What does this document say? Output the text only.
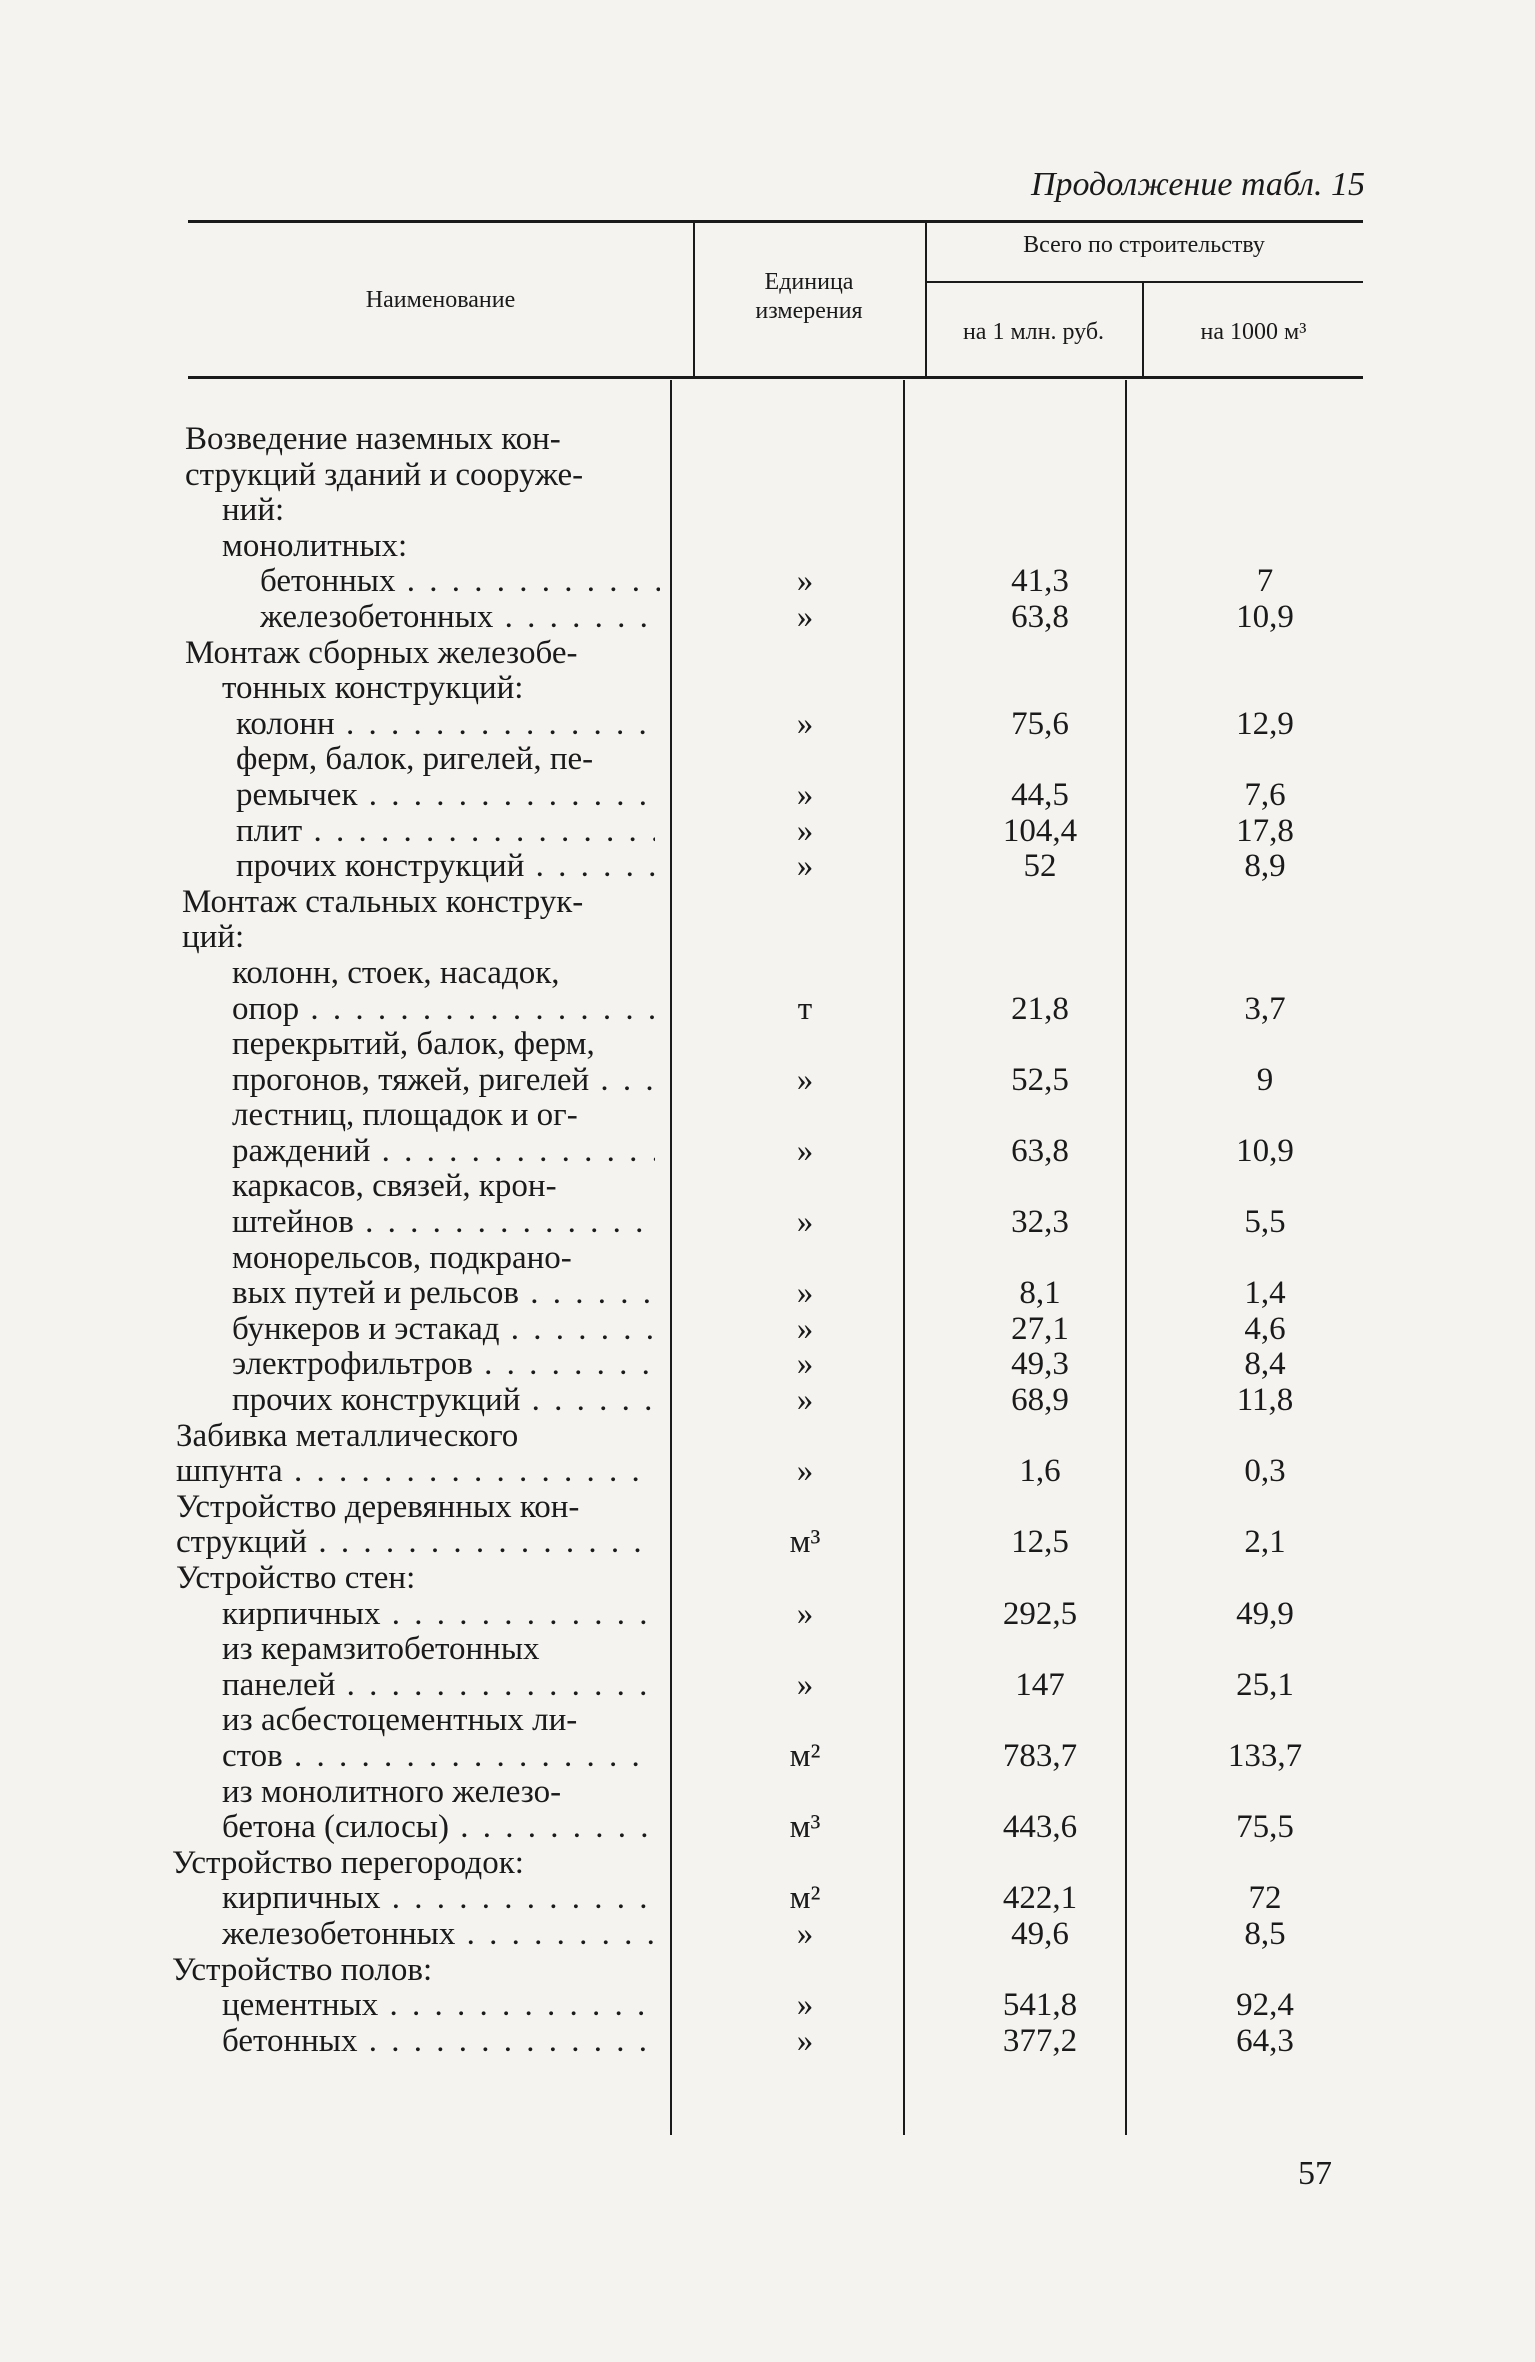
Продолжение табл. 15
Наименование
Единица
измерения
Всего по строительству
на 1 млн. руб.	на 1000 м³
Возведение наземных кон-
струкций зданий и сооруже-
ний:
монолитных:
бетонных . . .	»	41,3	7
железобетонных . . .	»	63,8	10,9
Монтаж сборных железобе-
тонных конструкций:
колонн . . .	»	75,6	12,9
ферм, балок, ригелей, пе-
ремычек . . .	»	44,5	7,6
плит . . .	»	104,4	17,8
прочих конструкций . . .	»	52	8,9
Монтаж стальных конструк-
ций:
колонн, стоек, насадок,
опор . . .	т	21,8	3,7
перекрытий, балок, ферм,
прогонов, тяжей, ригелей . . .	»	52,5	9
лестниц, площадок и ог-
раждений . . .	»	63,8	10,9
каркасов, связей, крон-
штейнов . . .	»	32,3	5,5
монорельсов, подкрано-
вых путей и рельсов . . .	»	8,1	1,4
бункеров и эстакад . . .	»	27,1	4,6
электрофильтров . . .	»	49,3	8,4
прочих конструкций . . .	»	68,9	11,8
Забивка металлического
шпунта . . .	»	1,6	0,3
Устройство деревянных кон-
струкций . . .	м³	12,5	2,1
Устройство стен:
кирпичных . . .	»	292,5	49,9
из керамзитобетонных
панелей . . .	»	147	25,1
из асбестоцементных ли-
стов . . .	м²	783,7	133,7
из монолитного железо-
бетона (силосы) . . .	м³	443,6	75,5
Устройство перегородок:
кирпичных . . .	м²	422,1	72
железобетонных . . .	»	49,6	8,5
Устройство полов:
цементных . . .	»	541,8	92,4
бетонных . . .	»	377,2	64,3
57
